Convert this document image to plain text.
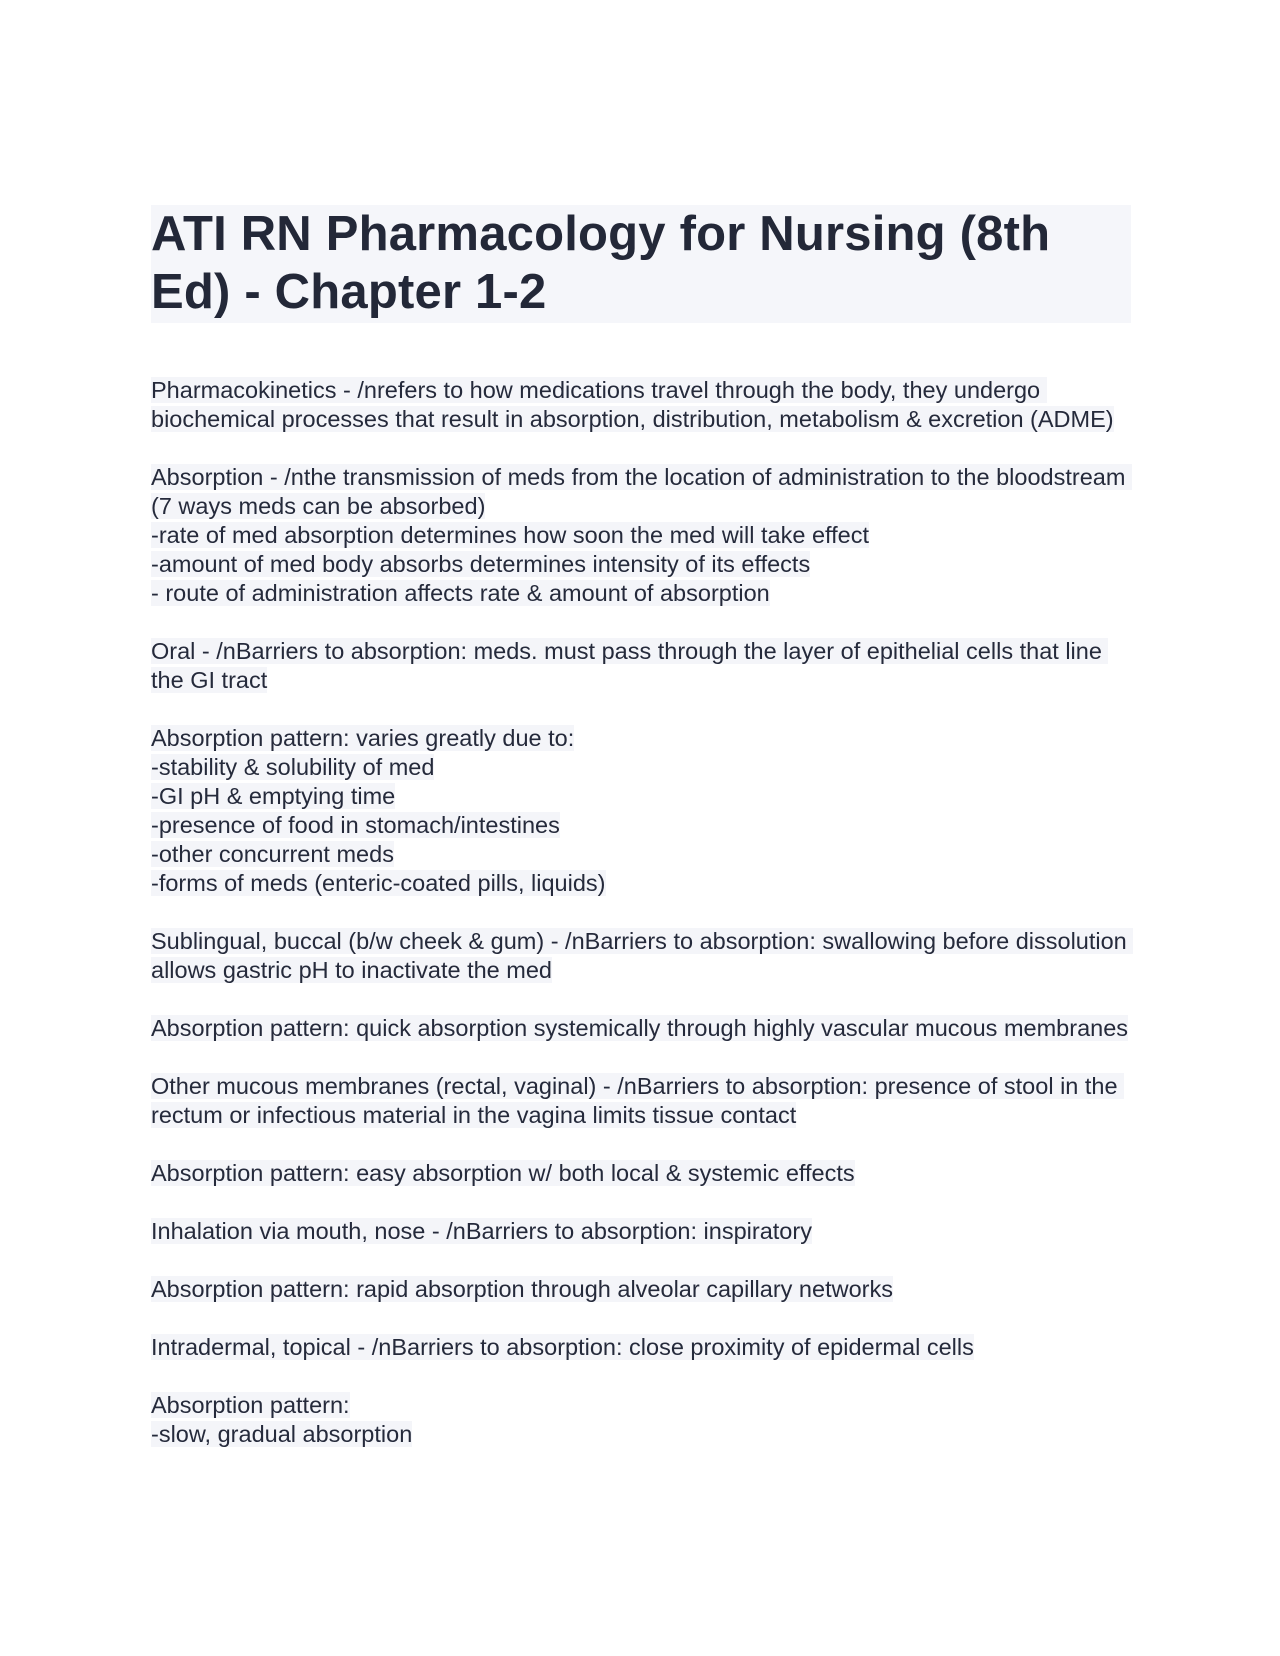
ATI RN Pharmacology for Nursing (8th Ed) - Chapter 1-2

Pharmacokinetics - /nrefers to how medications travel through the body, they undergo biochemical processes that result in absorption, distribution, metabolism & excretion (ADME)

Absorption - /nthe transmission of meds from the location of administration to the bloodstream (7 ways meds can be absorbed)
-rate of med absorption determines how soon the med will take effect
-amount of med body absorbs determines intensity of its effects
- route of administration affects rate & amount of absorption

Oral - /nBarriers to absorption: meds. must pass through the layer of epithelial cells that line the GI tract

Absorption pattern: varies greatly due to:
-stability & solubility of med
-GI pH & emptying time
-presence of food in stomach/intestines
-other concurrent meds
-forms of meds (enteric-coated pills, liquids)

Sublingual, buccal (b/w cheek & gum) - /nBarriers to absorption: swallowing before dissolution allows gastric pH to inactivate the med

Absorption pattern: quick absorption systemically through highly vascular mucous membranes

Other mucous membranes (rectal, vaginal) - /nBarriers to absorption: presence of stool in the rectum or infectious material in the vagina limits tissue contact

Absorption pattern: easy absorption w/ both local & systemic effects

Inhalation via mouth, nose - /nBarriers to absorption: inspiratory

Absorption pattern: rapid absorption through alveolar capillary networks

Intradermal, topical - /nBarriers to absorption: close proximity of epidermal cells

Absorption pattern:
-slow, gradual absorption
